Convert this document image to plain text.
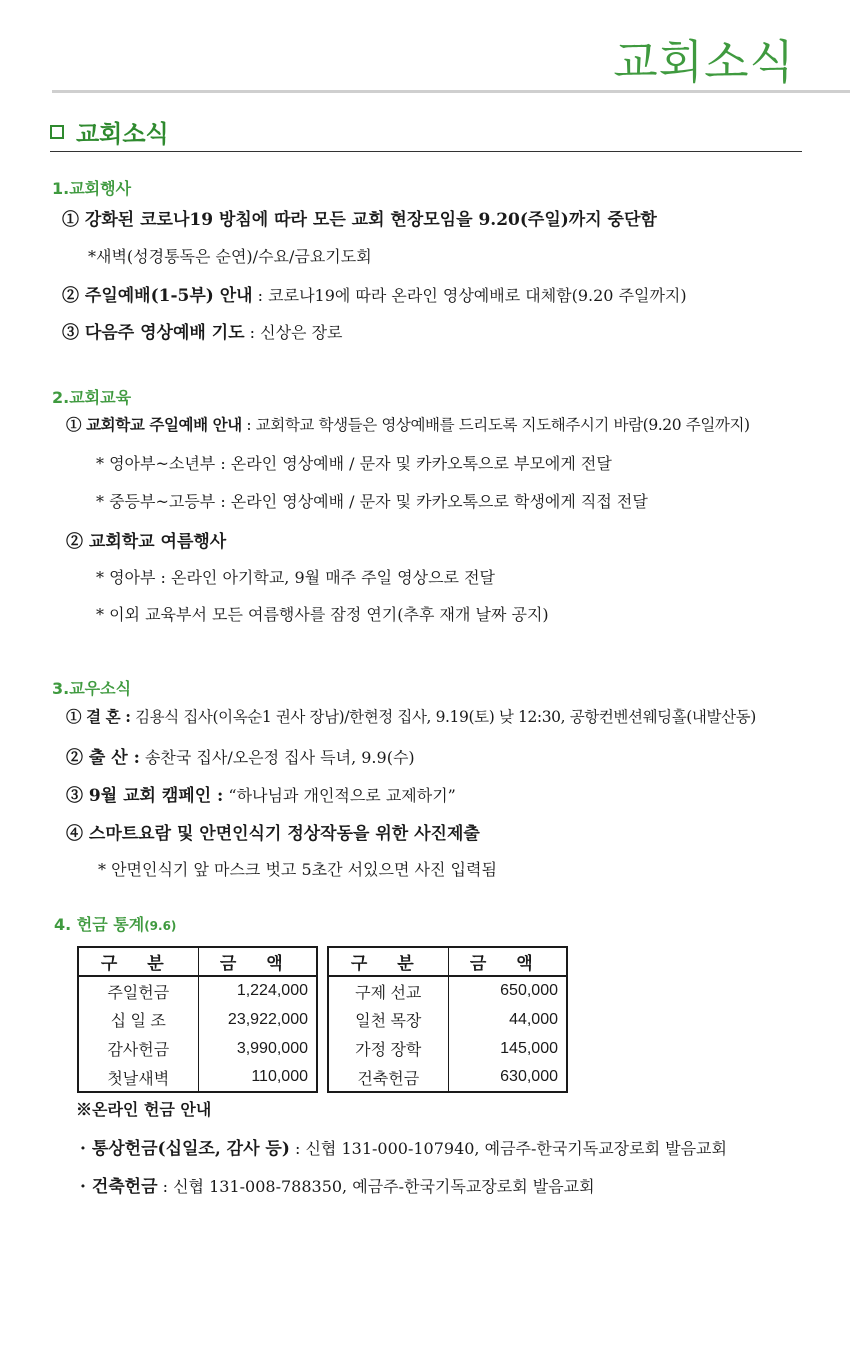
교회소식
교회소식
1.교회행사
① 강화된 코로나19 방침에 따라 모든 교회 현장모임을 9.20(주일)까지 중단함
*새벽(성경통독은 순연)/수요/금요기도회
② 주일예배(1-5부) 안내 : 코로나19에 따라 온라인 영상예배로 대체함(9.20 주일까지)
③ 다음주 영상예배 기도 : 신상은 장로
2.교회교육
① 교회학교 주일예배 안내 : 교회학교 학생들은 영상예배를 드리도록 지도해주시기 바람(9.20 주일까지)
* 영아부~소년부 : 온라인 영상예배 / 문자 및 카카오톡으로 부모에게 전달
* 중등부~고등부 : 온라인 영상예배 / 문자 및 카카오톡으로 학생에게 직접 전달
② 교회학교 여름행사
* 영아부 : 온라인 아기학교, 9월 매주 주일 영상으로 전달
* 이외 교육부서 모든 여름행사를 잠정 연기(추후 재개 날짜 공지)
3.교우소식
① 결 혼 : 김용식 집사(이옥순1 권사 장남)/한현정 집사, 9.19(토) 낮 12:30, 공항컨벤션웨딩홀(내발산동)
② 출 산 : 송찬국 집사/오은정 집사 득녀, 9.9(수)
③ 9월 교회 캠페인 : “하나님과 개인적으로 교제하기”
④ 스마트요람 및 안면인식기 정상작동을 위한 사진제출
* 안면인식기 앞 마스크 벗고 5초간 서있으면 사진 입력됨
4. 헌금 통계(9.6)
구 분	금 액
주일헌금	1,224,000
십 일 조	23,922,000
감사헌금	3,990,000
첫날새벽	110,000
구 분	금 액
구제 선교	650,000
일천 목장	44,000
가정 장학	145,000
건축헌금	630,000
※온라인 헌금 안내
· 통상헌금(십일조, 감사 등) : 신협 131-000-107940, 예금주-한국기독교장로회 발음교회
· 건축헌금 : 신협 131-008-788350, 예금주-한국기독교장로회 발음교회
